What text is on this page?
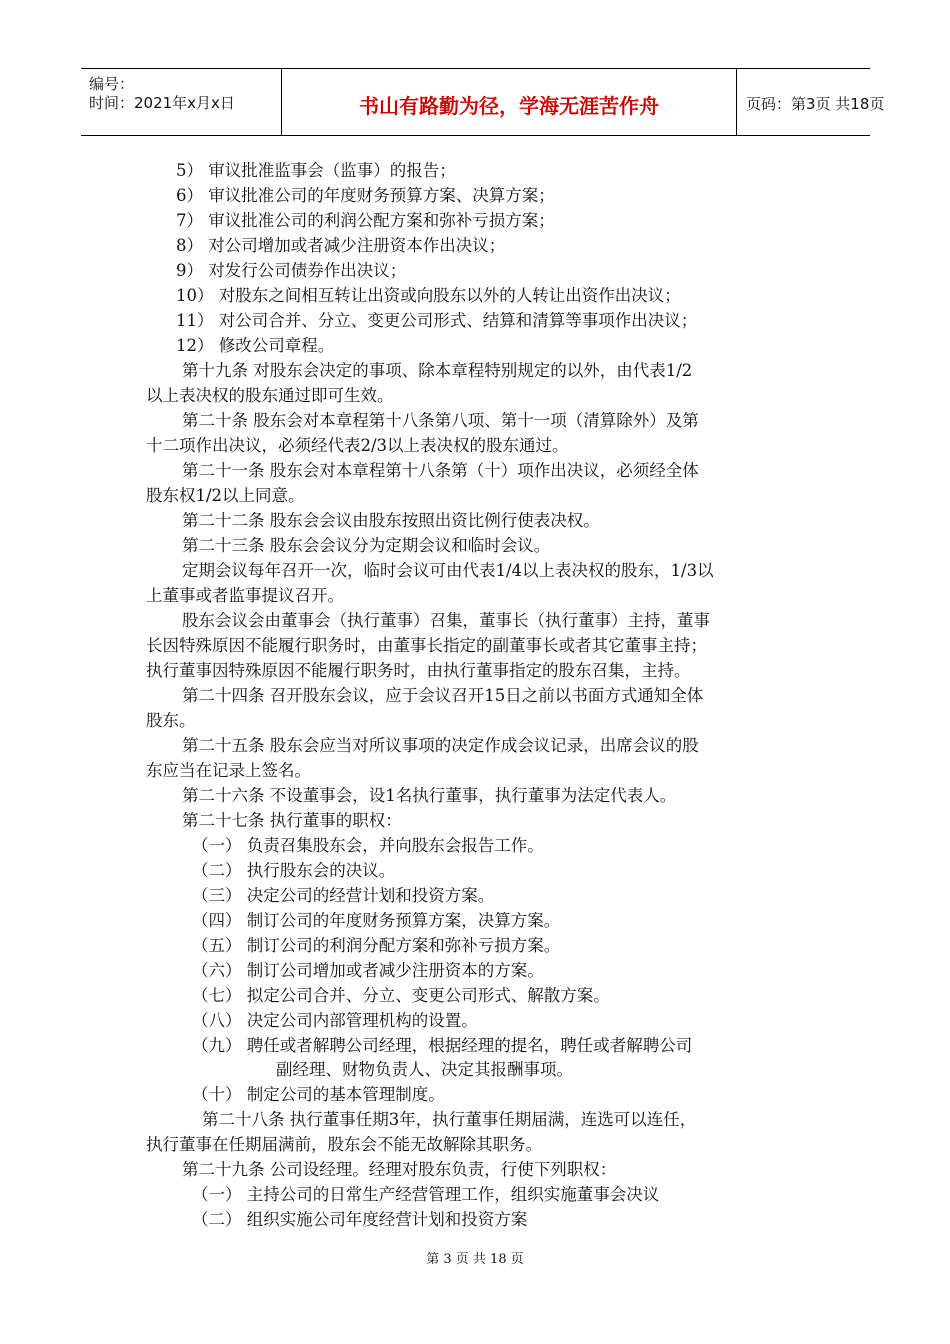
编号：
时间：2021年x月x日	书山有路勤为径，学海无涯苦作舟	页码：第3页 共18页
5） 审议批准监事会（监事）的报告；
6） 审议批准公司的年度财务预算方案、决算方案；
7） 审议批准公司的利润公配方案和弥补亏损方案；
8） 对公司增加或者减少注册资本作出决议；
9） 对发行公司债券作出决议；
10） 对股东之间相互转让出资或向股东以外的人转让出资作出决议；
11） 对公司合并、分立、变更公司形式、结算和清算等事项作出决议；
12） 修改公司章程。
第十九条 对股东会决定的事项、除本章程特别规定的以外，由代表1/2
以上表决权的股东通过即可生效。
第二十条 股东会对本章程第十八条第八项、第十一项（清算除外）及第
十二项作出决议，必须经代表2/3以上表决权的股东通过。
第二十一条 股东会对本章程第十八条第（十）项作出决议，必须经全体
股东权1/2以上同意。
第二十二条 股东会会议由股东按照出资比例行使表决权。
第二十三条 股东会会议分为定期会议和临时会议。
定期会议每年召开一次，临时会议可由代表1/4以上表决权的股东，1/3以
上董事或者监事提议召开。
股东会议会由董事会（执行董事）召集，董事长（执行董事）主持，董事
长因特殊原因不能履行职务时，由董事长指定的副董事长或者其它董事主持；
执行董事因特殊原因不能履行职务时，由执行董事指定的股东召集，主持。
第二十四条 召开股东会议，应于会议召开15日之前以书面方式通知全体
股东。
第二十五条 股东会应当对所议事项的决定作成会议记录，出席会议的股
东应当在记录上签名。
第二十六条 不设董事会，设1名执行董事，执行董事为法定代表人。
第二十七条 执行董事的职权：
（一） 负责召集股东会，并向股东会报告工作。
（二） 执行股东会的决议。
（三） 决定公司的经营计划和投资方案。
（四） 制订公司的年度财务预算方案，决算方案。
（五） 制订公司的利润分配方案和弥补亏损方案。
（六） 制订公司增加或者减少注册资本的方案。
（七） 拟定公司合并、分立、变更公司形式、解散方案。
（八） 决定公司内部管理机构的设置。
（九） 聘任或者解聘公司经理，根据经理的提名，聘任或者解聘公司
副经理、财物负责人、决定其报酬事项。
（十） 制定公司的基本管理制度。
第二十八条 执行董事任期3年，执行董事任期届满，连选可以连任，
执行董事在任期届满前，股东会不能无故解除其职务。
第二十九条 公司设经理。经理对股东负责，行使下列职权：
（一） 主持公司的日常生产经营管理工作，组织实施董事会决议
（二） 组织实施公司年度经营计划和投资方案
第 3 页 共 18 页
